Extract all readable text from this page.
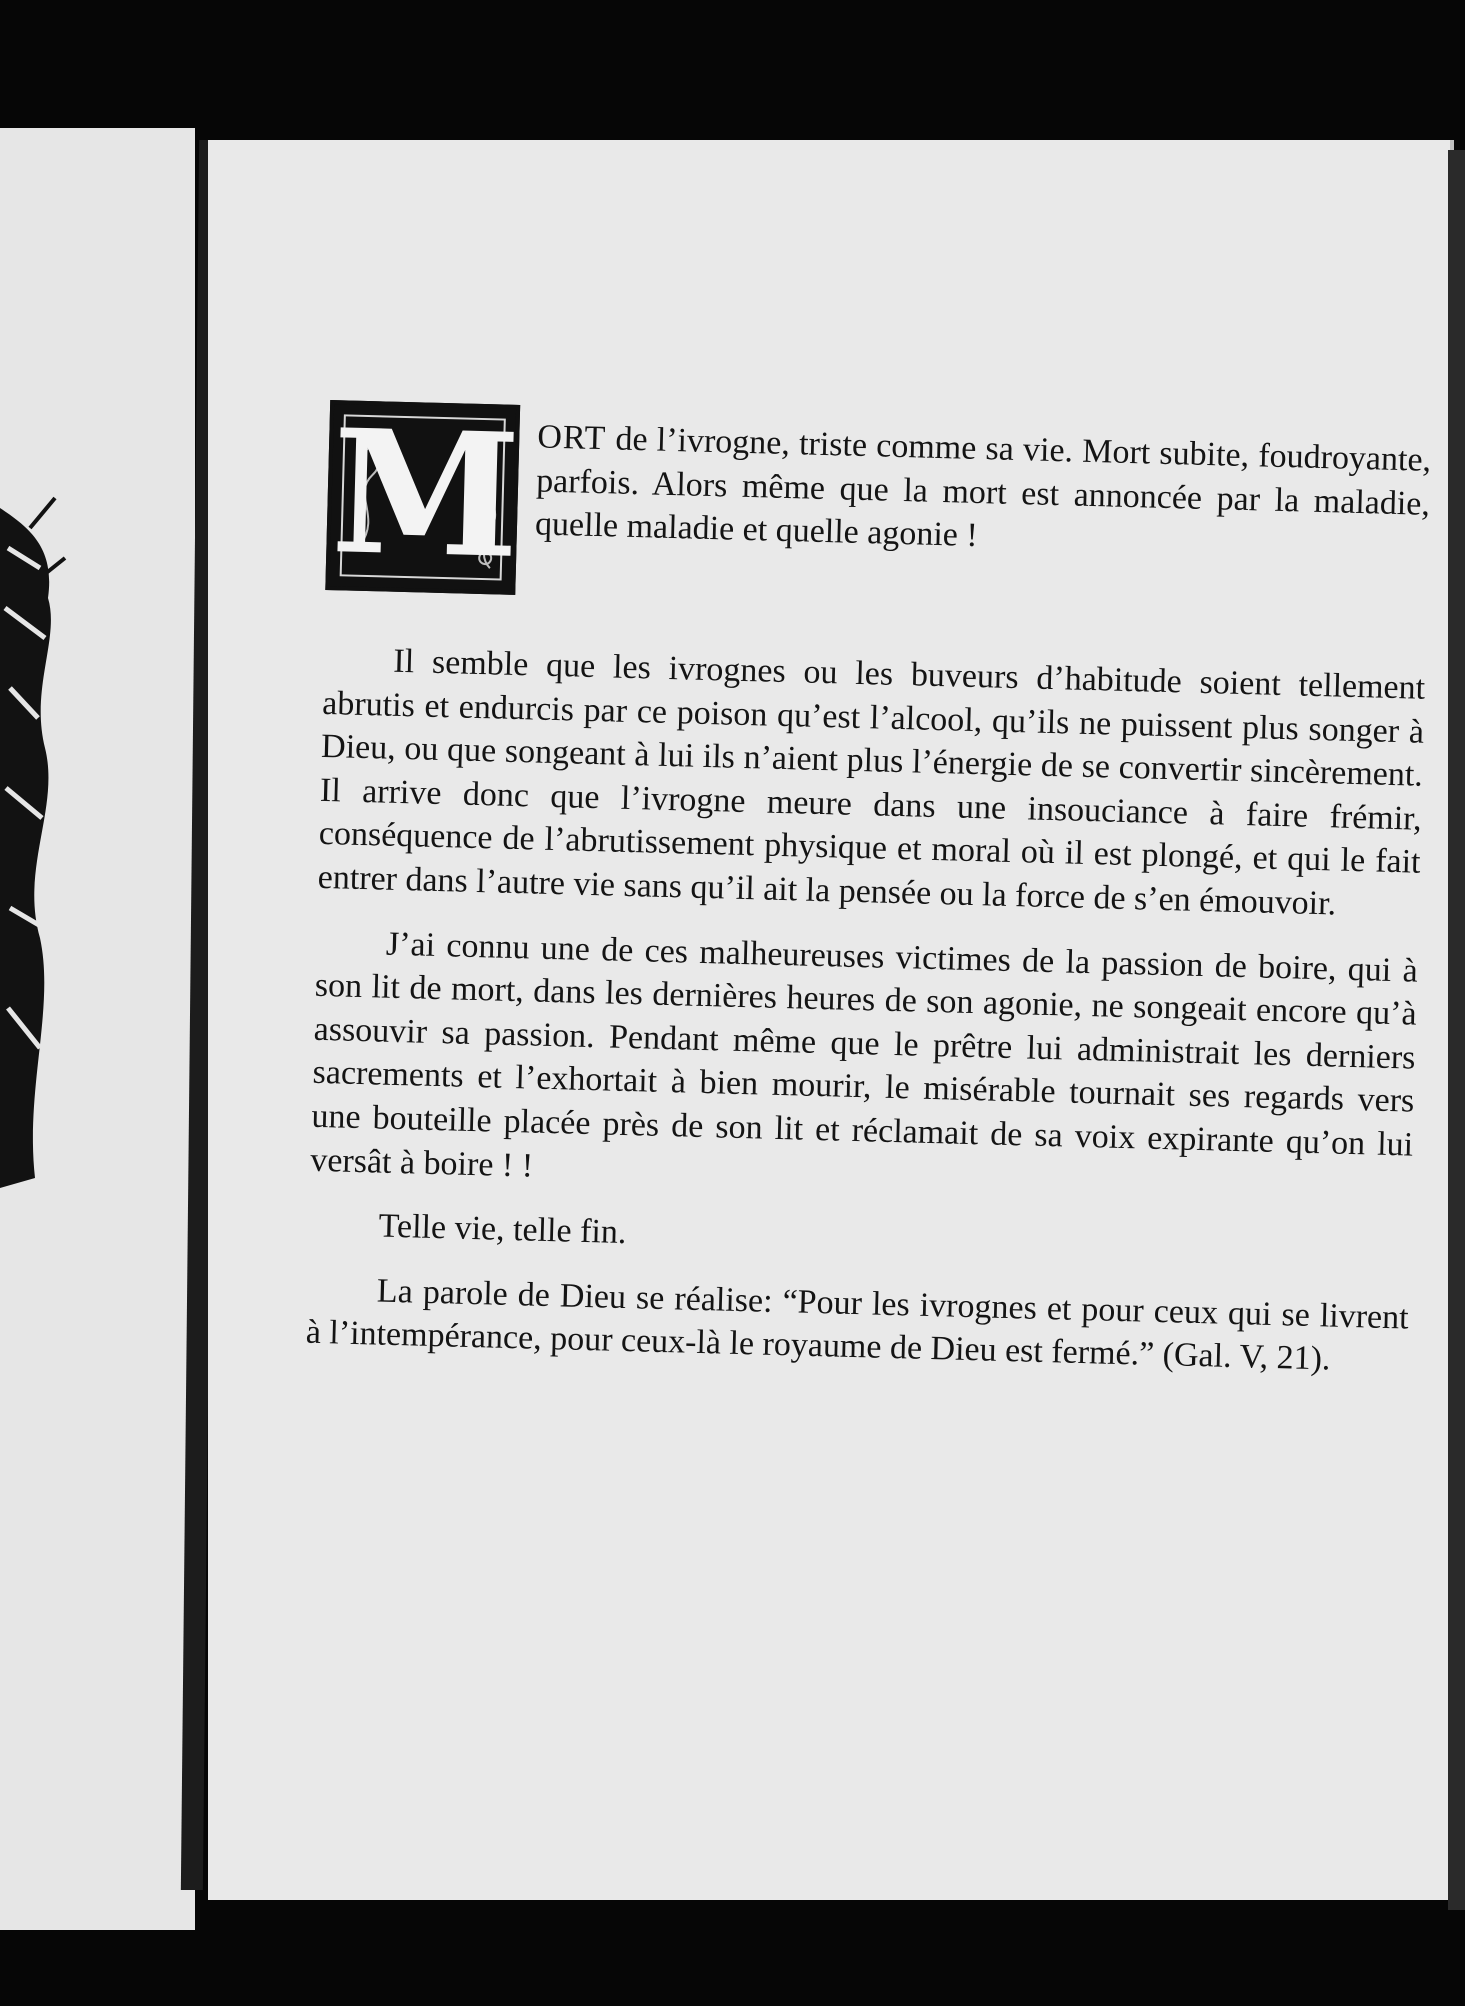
M ORT de l’ivrogne, triste comme sa vie. Mort subite, foudroyante, parfois. Alors même que la mort est annoncée par la maladie, quelle maladie et quelle agonie !

Il semble que les ivrognes ou les buveurs d’habitude soient tellement abrutis et endurcis par ce poison qu’est l’alcool, qu’ils ne puissent plus songer à Dieu, ou que songeant à lui ils n’aient plus l’énergie de se convertir sincèrement. Il arrive donc que l’ivrogne meure dans une insouciance à faire frémir, conséquence de l’abrutissement physique et moral où il est plongé, et qui le fait entrer dans l’autre vie sans qu’il ait la pensée ou la force de s’en émouvoir.

J’ai connu une de ces malheureuses victimes de la passion de boire, qui à son lit de mort, dans les dernières heures de son agonie, ne songeait encore qu’à assouvir sa passion. Pendant même que le prêtre lui administrait les derniers sacrements et l’exhortait à bien mourir, le misérable tournait ses regards vers une bouteille placée près de son lit et réclamait de sa voix expirante qu’on lui versât à boire ! !

Telle vie, telle fin.

La parole de Dieu se réalise: “Pour les ivrognes et pour ceux qui se livrent à l’intempérance, pour ceux-là le royaume de Dieu est fermé.” (Gal. V, 21).
